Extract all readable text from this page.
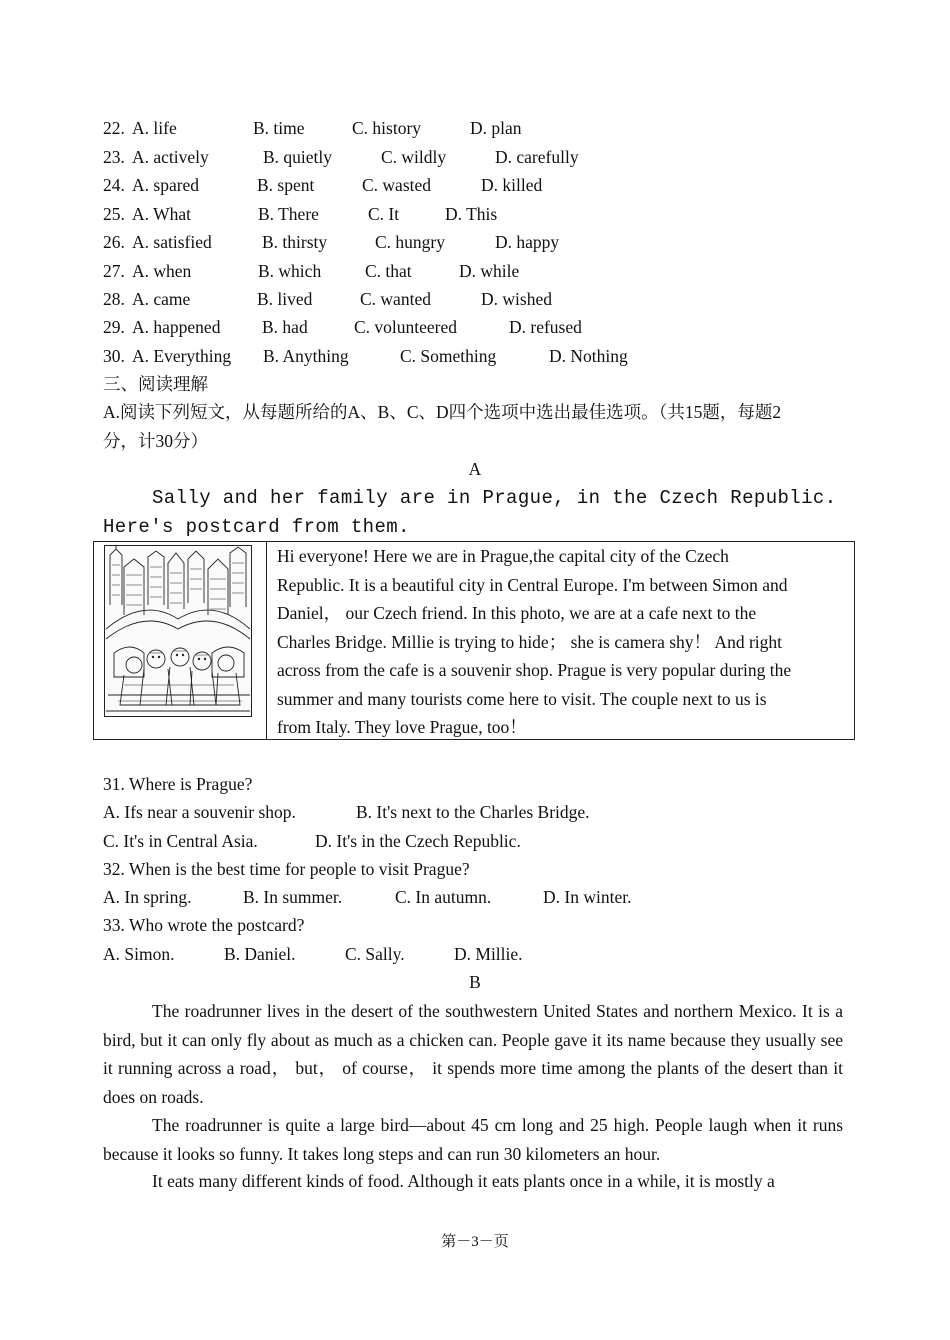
22. A. life	B. time	C. history	D. plan
23. A. actively	B. quietly	C. wildly	D. carefully
24. A. spared	B. spent	C. wasted	D. killed
25. A. What	B. There	C. It	D. This
26. A. satisfied	B. thirsty	C. hungry	D. happy
27. A. when	B. which	C. that	D. while
28. A. came	B. lived	C. wanted	D. wished
29. A. happened B. had	C. volunteered	D. refused
30. A. Everything B. Anything	C. Something	D. Nothing
三、阅读理解
A.阅读下列短文，从每题所给的A、B、C、D四个选项中选出最佳选项。（共15题，每题2
分，计30分）
A
Sally and her family are in Prague, in the Czech Republic.
Here's postcard from them.
Hi everyone! Here we are in Prague,the capital city of the Czech
Republic. It is a beautiful city in Central Europe. I'm between Simon and
Daniel， our Czech friend. In this photo, we are at a cafe next to the
Charles Bridge. Millie is trying to hide； she is camera shy！ And right
across from the cafe is a souvenir shop. Prague is very popular during the
summer and many tourists come here to visit. The couple next to us is
from Italy. They love Prague, too！
31. Where is Prague?
A. Ifs near a souvenir shop.	B. It's next to the Charles Bridge.
C. It's in Central Asia.	D. It's in the Czech Republic.
32. When is the best time for people to visit Prague?
A. In spring.	B. In summer.	C. In autumn.	D. In winter.
33. Who wrote the postcard?
A. Simon.	B. Daniel.	C. Sally.	D. Millie.
B
The roadrunner lives in the desert of the southwestern United States and northern Mexico. It is a bird, but it can only fly about as much as a chicken can. People gave it its name because they usually see it running across a road， but， of course， it spends more time among the plants of the desert than it does on roads.
The roadrunner is quite a large bird—about 45 cm long and 25 high. People laugh when it runs because it looks so funny. It takes long steps and can run 30 kilometers an hour.
It eats many different kinds of food. Although it eats plants once in a while, it is mostly a
第－3－页
